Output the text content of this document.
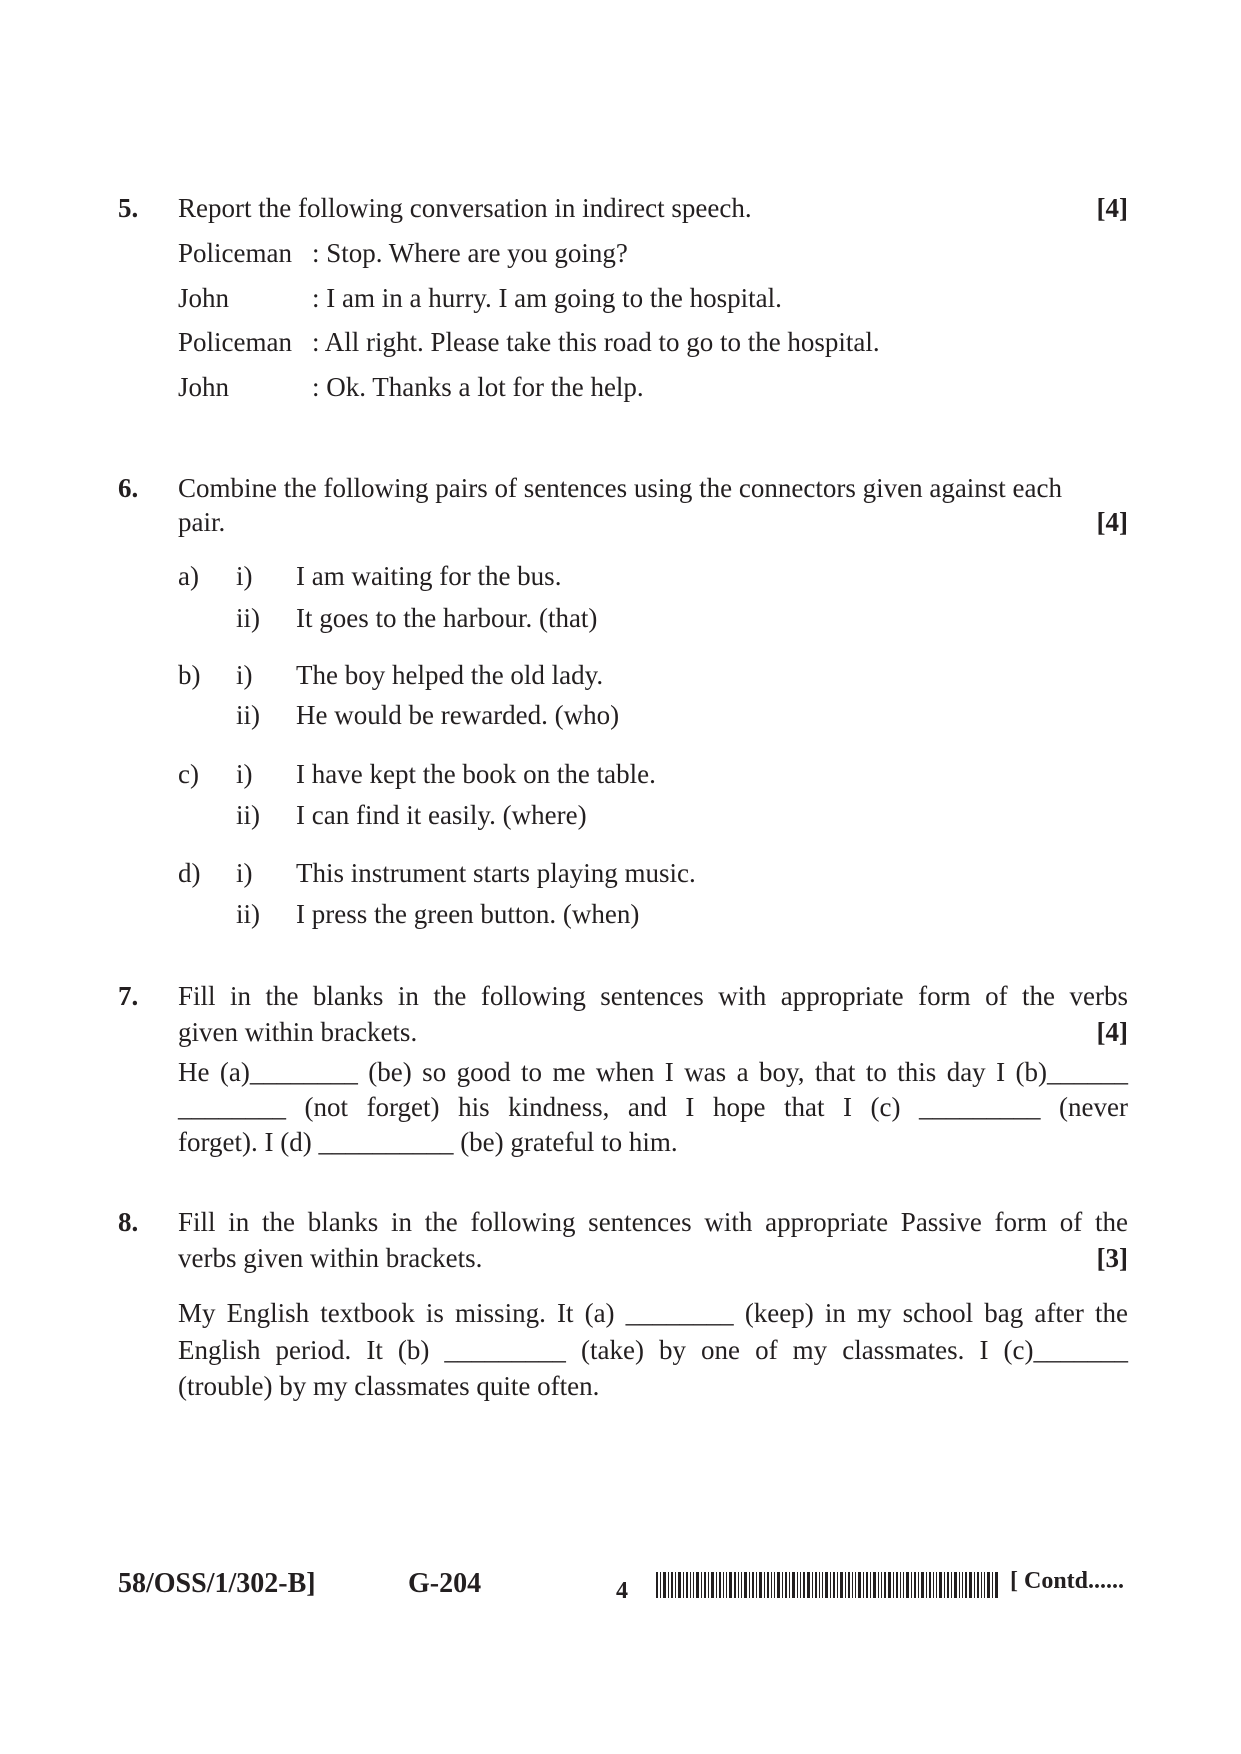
5. Report the following conversation in indirect speech.	[4]
Policeman : Stop. Where are you going?
John	: I am in a hurry. I am going to the hospital.
Policeman : All right. Please take this road to go to the hospital.
John	: Ok. Thanks a lot for the help.
6. Combine the following pairs of sentences using the connectors given against each
pair.	[4]
a) i) I am waiting for the bus.
ii) It goes to the harbour. (that)
b) i) The boy helped the old lady.
ii) He would be rewarded. (who)
c) i) I have kept the book on the table.
ii) I can find it easily. (where)
d) i) This instrument starts playing music.
ii) I press the green button. (when)
7. Fill in the blanks in the following sentences with appropriate form of the verbs
given within brackets.	[4]
He (a)________ (be) so good to me when I was a boy, that to this day I (b)______
________ (not forget) his kindness, and I hope that I (c) _________ (never
forget). I (d) __________ (be) grateful to him.
8. Fill in the blanks in the following sentences with appropriate Passive form of the
verbs given within brackets.	[3]
My English textbook is missing. It (a) ________ (keep) in my school bag after the
English period. It (b) _________ (take) by one of my classmates. I (c)_______
(trouble) by my classmates quite often.
58/OSS/1/302-B]	G-204	4	[ Contd......
